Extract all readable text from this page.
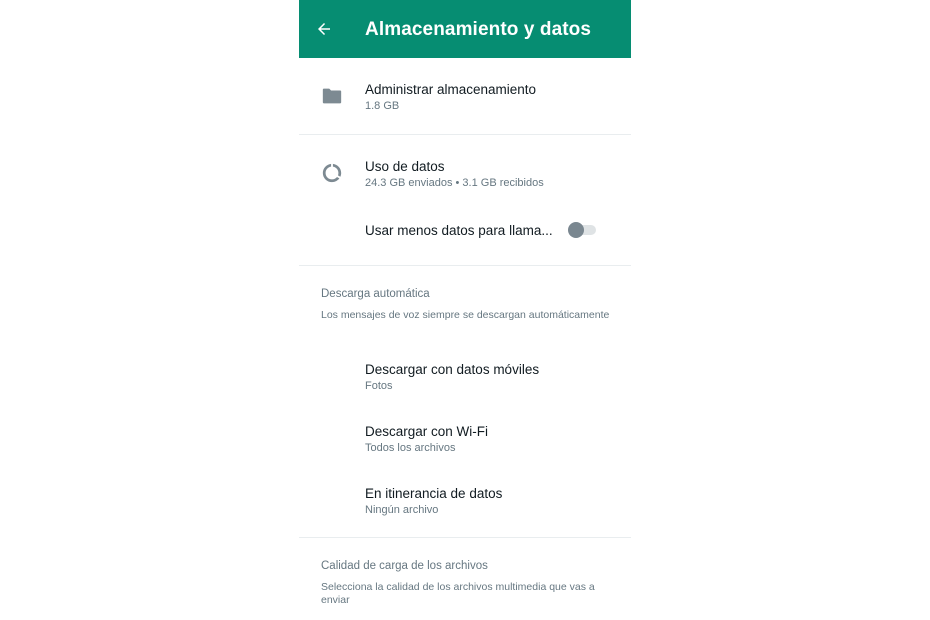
Almacenamiento y datos
Administrar almacenamiento
1.8 GB
Uso de datos
24.3 GB enviados • 3.1 GB recibidos
Usar menos datos para llama...
Descarga automática
Los mensajes de voz siempre se descargan automáticamente
Descargar con datos móviles
Fotos
Descargar con Wi-Fi
Todos los archivos
En itinerancia de datos
Ningún archivo
Calidad de carga de los archivos
Selecciona la calidad de los archivos multimedia que vas a enviar
